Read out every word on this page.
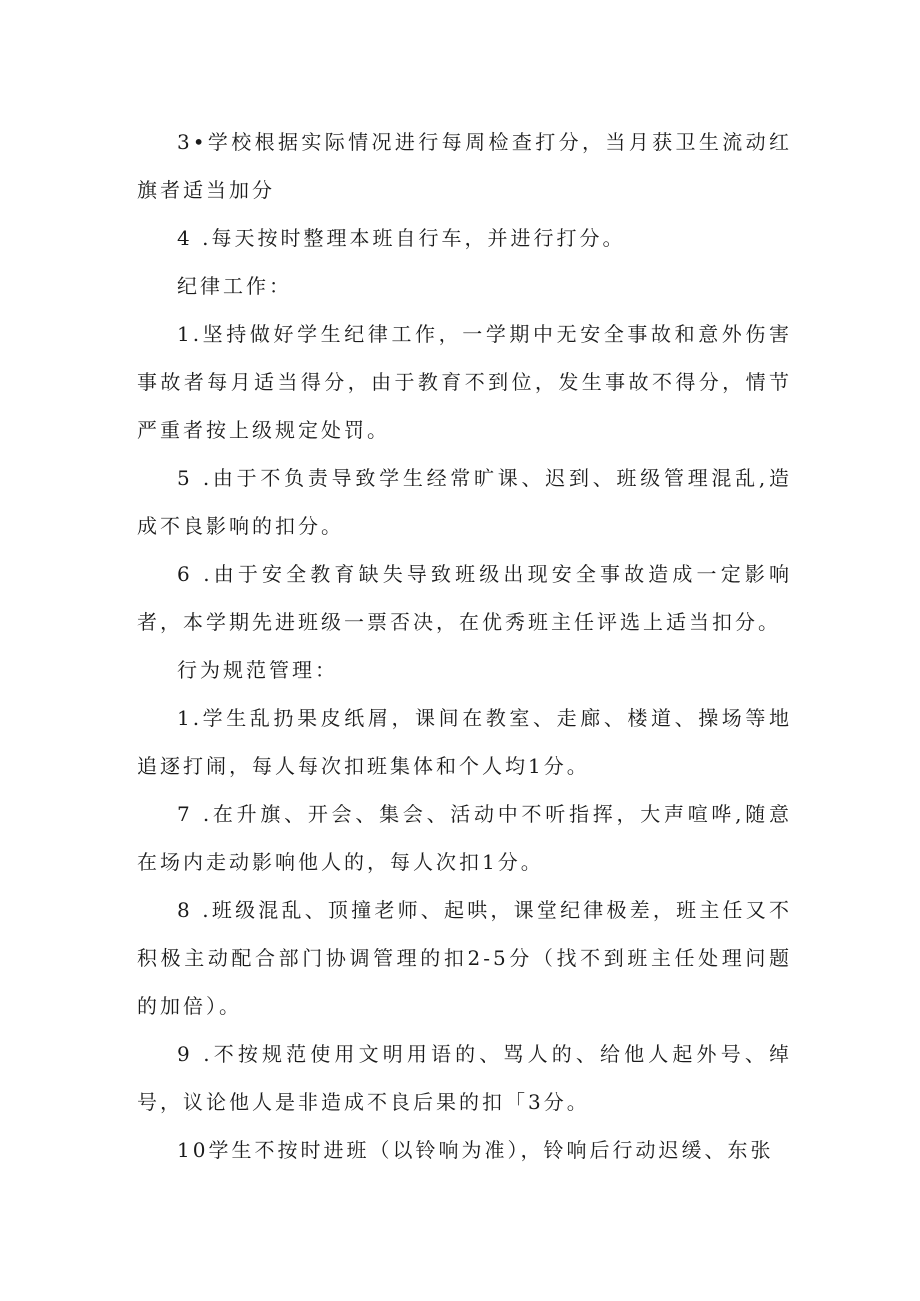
3•学校根据实际情况进行每周检查打分，当月获卫生流动红旗者适当加分

4 .每天按时整理本班自行车，并进行打分。

纪律工作：

1.坚持做好学生纪律工作，一学期中无安全事故和意外伤害事故者每月适当得分，由于教育不到位，发生事故不得分，情节严重者按上级规定处罚。

5 .由于不负责导致学生经常旷课、迟到、班级管理混乱,造成不良影响的扣分。

6 .由于安全教育缺失导致班级出现安全事故造成一定影响者，本学期先进班级一票否决，在优秀班主任评选上适当扣分。

行为规范管理：

1.学生乱扔果皮纸屑，课间在教室、走廊、楼道、操场等地追逐打闹，每人每次扣班集体和个人均1分。

7 .在升旗、开会、集会、活动中不听指挥，大声喧哗,随意在场内走动影响他人的，每人次扣1分。

8 .班级混乱、顶撞老师、起哄，课堂纪律极差，班主任又不积极主动配合部门协调管理的扣2-5分（找不到班主任处理问题的加倍）。

9 .不按规范使用文明用语的、骂人的、给他人起外号、绰号，议论他人是非造成不良后果的扣「3分。

10学生不按时进班（以铃响为准），铃响后行动迟缓、东张
